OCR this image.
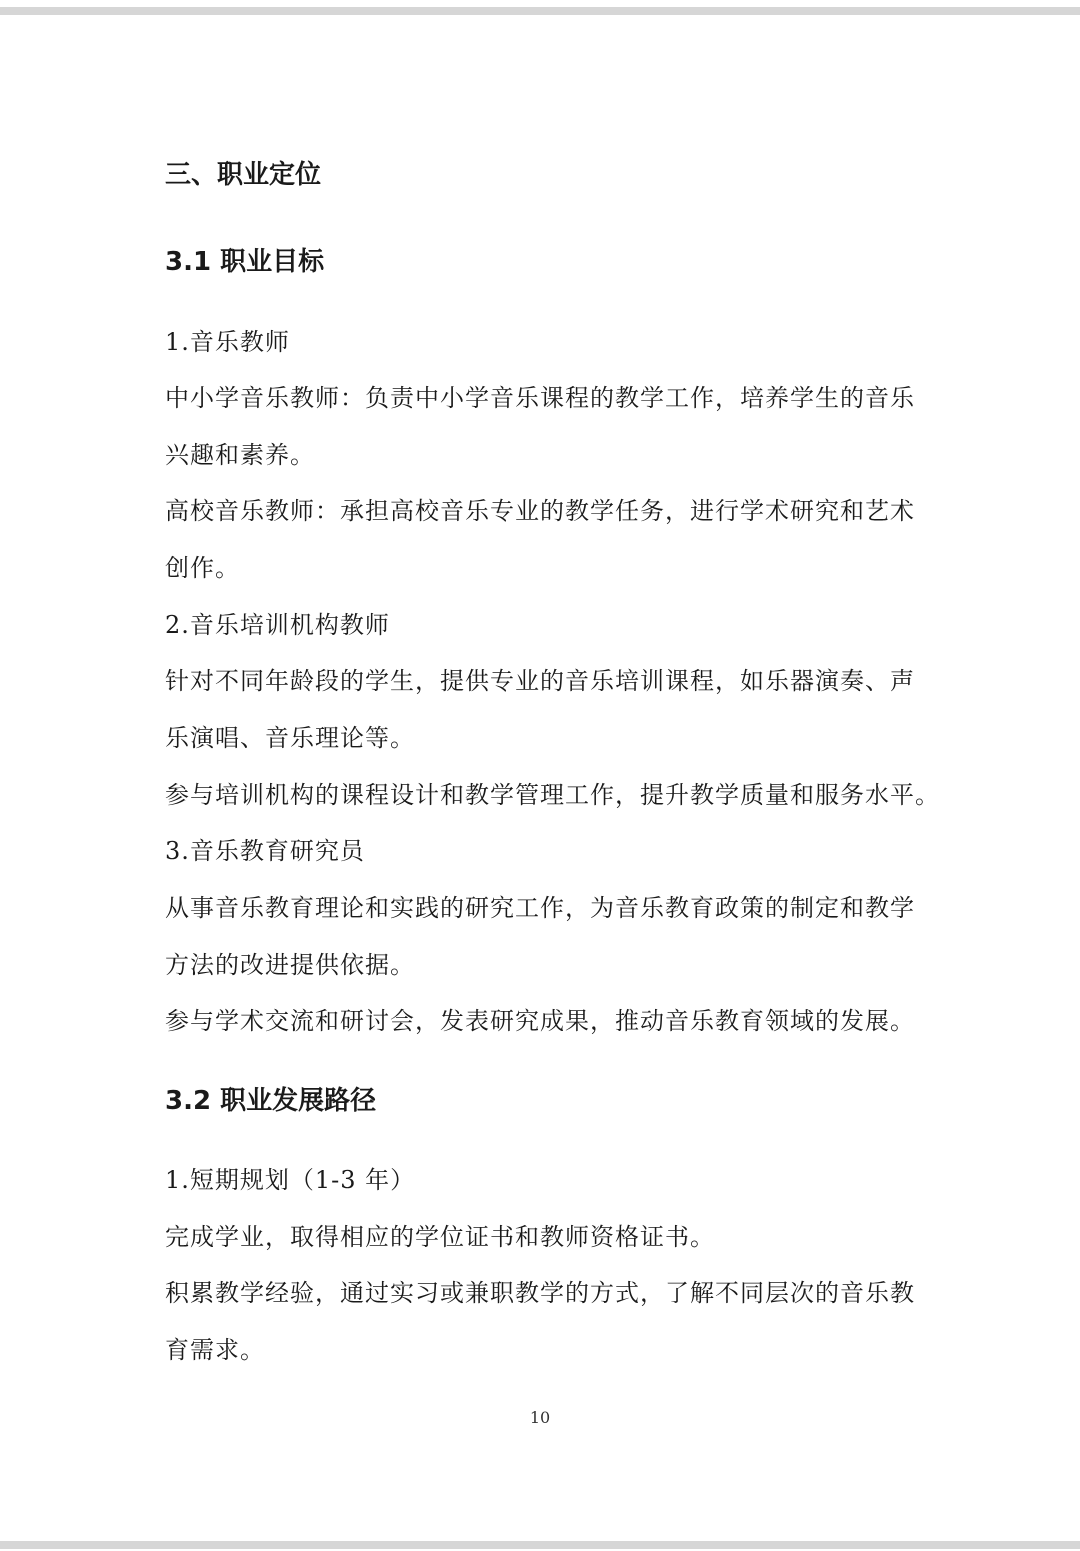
三、职业定位
3.1 职业目标
1.音乐教师
中小学音乐教师：负责中小学音乐课程的教学工作，培养学生的音乐
兴趣和素养。
高校音乐教师：承担高校音乐专业的教学任务，进行学术研究和艺术
创作。
2.音乐培训机构教师
针对不同年龄段的学生，提供专业的音乐培训课程，如乐器演奏、声
乐演唱、音乐理论等。
参与培训机构的课程设计和教学管理工作，提升教学质量和服务水平。
3.音乐教育研究员
从事音乐教育理论和实践的研究工作，为音乐教育政策的制定和教学
方法的改进提供依据。
参与学术交流和研讨会，发表研究成果，推动音乐教育领域的发展。
3.2 职业发展路径
1.短期规划（1-3 年）
完成学业，取得相应的学位证书和教师资格证书。
积累教学经验，通过实习或兼职教学的方式，了解不同层次的音乐教
育需求。
10
